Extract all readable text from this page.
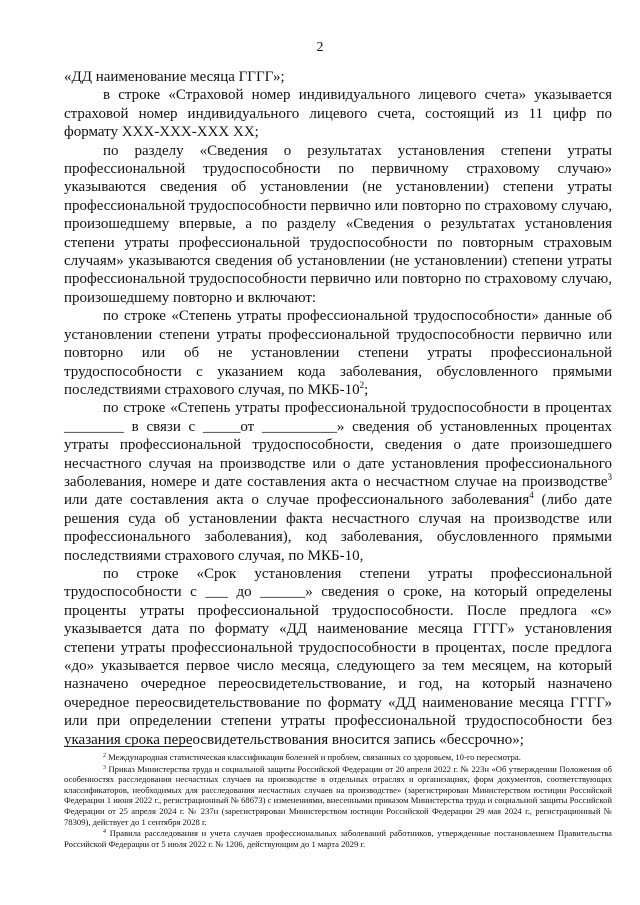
2

«ДД наименование месяца ГГГГ»;

в строке «Страховой номер индивидуального лицевого счета» указывается страховой номер индивидуального лицевого счета, состоящий из 11 цифр по формату ХХХ-ХХХ-ХХХ ХХ;

по разделу «Сведения о результатах установления степени утраты профессиональной трудоспособности по первичному страховому случаю» указываются сведения об установлении (не установлении) степени утраты профессиональной трудоспособности первично или повторно по страховому случаю, произошедшему впервые, а по разделу «Сведения о результатах установления степени утраты профессиональной трудоспособности по повторным страховым случаям» указываются сведения об установлении (не установлении) степени утраты профессиональной трудоспособности первично или повторно по страховому случаю, произошедшему повторно и включают:

по строке «Степень утраты профессиональной трудоспособности» данные об установлении степени утраты профессиональной трудоспособности первично или повторно или об не установлении степени утраты профессиональной трудоспособности с указанием кода заболевания, обусловленного прямыми последствиями страхового случая, по МКБ-$10^2$;

по строке «Степень утраты профессиональной трудоспособности в процентах ________ в связи с _____от __________» сведения об установленных процентах утраты профессиональной трудоспособности, сведения о дате произошедшего несчастного случая на производстве или о дате установления профессионального заболевания, номере и дате составления акта о несчастном случае на производстве$^3$ или дате составления акта о случае профессионального заболевания$^4$ (либо дате решения суда об установлении факта несчастного случая на производстве или профессионального заболевания), код заболевания, обусловленного прямыми последствиями страхового случая, по МКБ-10,

по строке «Срок установления степени утраты профессиональной трудоспособности с ___ до ______» сведения о сроке, на который определены проценты утраты профессиональной трудоспособности. После предлога «с» указывается дата по формату «ДД наименование месяца ГГГГ» установления степени утраты профессиональной трудоспособности в процентах, после предлога «до» указывается первое число месяца, следующего за тем месяцем, на который назначено очередное переосвидетельствование, и год, на который назначено очередное переосвидетельствование по формату «ДД наименование месяца ГГГГ» или при определении степени утраты профессиональной трудоспособности без указания срока переосвидетельствования вносится запись «бессрочно»;

$^2$ Международная статистическая классификация болезней и проблем, связанных со здоровьем, 10-го пересмотра.

$^3$ Приказ Министерства труда и социальной защиты Российской Федерации от 20 апреля 2022 г. № 223н «Об утверждении Положения об особенностях расследования несчастных случаев на производстве в отдельных отраслях и организациях, форм документов, соответствующих классификаторов, необходимых для расследования несчастных случаев на производстве» (зарегистрирован Министерством юстиции Российской Федерации 1 июня 2022 г., регистрационный № 68673) с изменениями, внесенными приказом Министерства труда и социальной защиты Российской Федерации от 25 апреля 2024 г. № 237н (зарегистрирован Министерством юстиции Российской Федерации 29 мая 2024 г., регистрационный № 78309), действует до 1 сентября 2028 г.

$^4$ Правила расследования и учета случаев профессиональных заболеваний работников, утвержденные постановлением Правительства Российской Федерации от 5 июля 2022 г. № 1206, действующим до 1 марта 2029 г.
